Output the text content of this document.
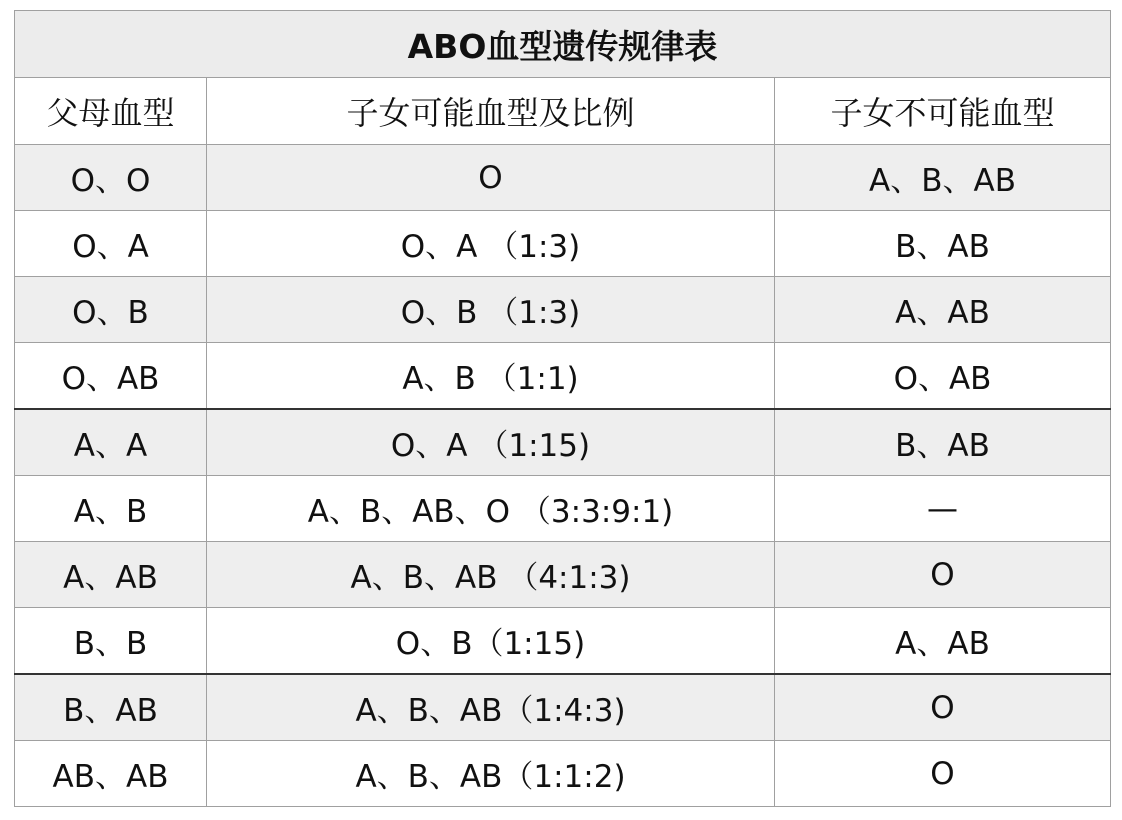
ABO血型遗传规律表		
父母血型	子女可能血型及比例	子女不可能血型
O、O	O	A、B、AB
O、A	O、A （1:3)	B、AB
O、B	O、B （1:3)	A、AB
O、AB	A、B （1:1)	O、AB
A、A	O、A （1:15)	B、AB
A、B	A、B、AB、O （3:3:9:1)	—
A、AB	A、B、AB （4:1:3)	O
B、B	O、B（1:15)	A、AB
B、AB	A、B、AB（1:4:3)	O
AB、AB	A、B、AB（1:1:2)	O
